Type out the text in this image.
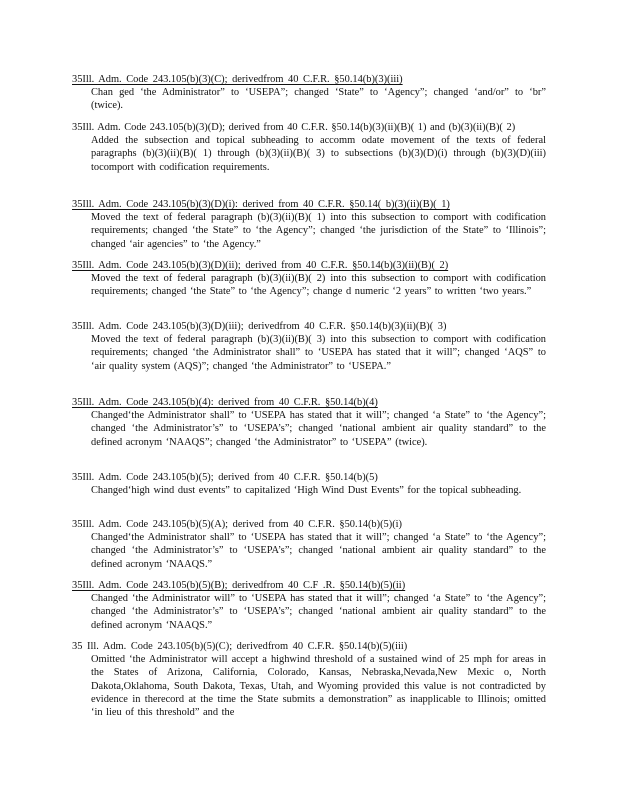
35Ill. Adm. Code 243.105(b)(3)(C); derivedfrom 40 C.F.R. §50.14(b)(3)(iii)
Chan ged ‘the Administrator” to ‘USEPA”; changed ‘State” to ‘Agency”; changed ‘and/or” to ‘br” (twice).
35Ill. Adm. Code 243.105(b)(3)(D); derived from 40 C.F.R. §50.14(b)(3)(ii)(B)( 1) and (b)(3)(ii)(B)( 2)
Added the subsection and topical subheading to accomm odate movement of the texts of federal paragraphs (b)(3)(ii)(B)( 1) through (b)(3)(ii)(B)( 3) to subsections (b)(3)(D)(i) through (b)(3)(D)(iii) tocomport with codification requirements.
35Ill. Adm. Code 243.105(b)(3)(D)(i): derived from 40 C.F.R. §50.14( b)(3)(ii)(B)( 1)
Moved the text of federal paragraph (b)(3)(ii)(B)( 1) into this subsection to comport with codification requirements; changed ‘the State” to ‘the Agency”; changed ‘the jurisdiction of the State” to ‘Illinois”; changed ‘air agencies” to ‘the Agency.”
35Ill. Adm. Code 243.105(b)(3)(D)(ii); derived from 40 C.F.R. §50.14(b)(3)(ii)(B)( 2)
Moved the text of federal paragraph (b)(3)(ii)(B)( 2) into this subsection to comport with codification requirements; changed ‘the State” to ‘the Agency”; change d numeric ‘2 years” to written ‘two years.”
35Ill. Adm. Code 243.105(b)(3)(D)(iii); derivedfrom 40 C.F.R. §50.14(b)(3)(ii)(B)( 3)
Moved the text of federal paragraph (b)(3)(ii)(B)( 3) into this subsection to comport with codification requirements; changed ‘the Administrator shall” to ‘USEPA has stated that it will”; changed ‘AQS” to ‘air quality system (AQS)”; changed ‘the Administrator” to ‘USEPA.”
35Ill. Adm. Code 243.105(b)(4): derived from 40 C.F.R. §50.14(b)(4)
Changed‘the Administrator shall” to ‘USEPA has stated that it will”; changed ‘a State” to ‘the Agency”; changed ‘the Administrator’s” to ‘USEPA’s”; changed ‘national ambient air quality standard” to the defined acronym ‘NAAQS”; changed ‘the Administrator” to ‘USEPA” (twice).
35Ill. Adm. Code 243.105(b)(5); derived from 40 C.F.R. §50.14(b)(5)
Changed‘high wind dust events” to capitalized ‘High Wind Dust Events” for the topical subheading.
35Ill. Adm. Code 243.105(b)(5)(A); derived from 40 C.F.R. §50.14(b)(5)(i)
Changed‘the Administrator shall” to ‘USEPA has stated that it will”; changed ‘a State” to ‘the Agency”; changed ‘the Administrator’s” to ‘USEPA’s”; changed ‘national ambient air quality standard” to the defined acronym ‘NAAQS.”
35Ill. Adm. Code 243.105(b)(5)(B); derivedfrom 40 C.F .R. §50.14(b)(5)(ii)
Changed ‘the Administrator will” to ‘USEPA has stated that it will”; changed ‘a State” to ‘the Agency”; changed ‘the Administrator’s” to ‘USEPA’s”; changed ‘national ambient air quality standard” to the defined acronym ‘NAAQS.”
35 Ill. Adm. Code 243.105(b)(5)(C); derivedfrom 40 C.F.R. §50.14(b)(5)(iii)
Omitted ‘the Administrator will accept a highwind threshold of a sustained wind of 25 mph for areas in the States of Arizona, California, Colorado, Kansas, Nebraska,Nevada,New Mexic o, North Dakota,Oklahoma, South Dakota, Texas, Utah, and Wyoming provided this value is not contradicted by evidence in therecord at the time the State submits a demonstration” as inapplicable to Illinois; omitted ‘in lieu of this threshold” and the
